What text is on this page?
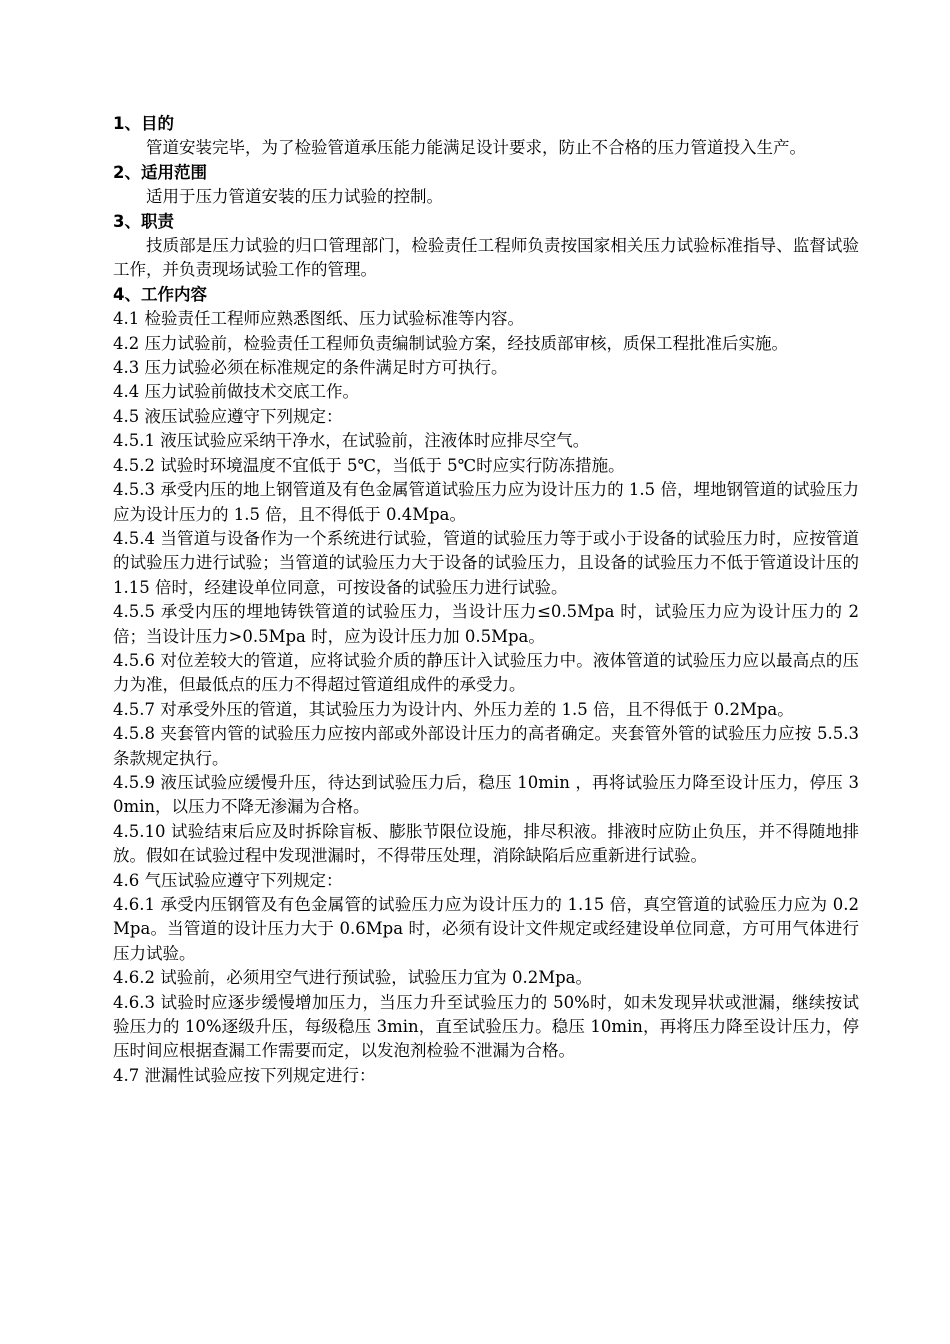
1、目的

管道安装完毕，为了检验管道承压能力能满足设计要求，防止不合格的压力管道投入生产。

2、适用范围

适用于压力管道安装的压力试验的控制。

3、职责

技质部是压力试验的归口管理部门，检验责任工程师负责按国家相关压力试验标准指导、监督试验工作，并负责现场试验工作的管理。

4、工作内容

4.1 检验责任工程师应熟悉图纸、压力试验标准等内容。

4.2 压力试验前，检验责任工程师负责编制试验方案，经技质部审核，质保工程批准后实施。

4.3 压力试验必须在标准规定的条件满足时方可执行。

4.4 压力试验前做技术交底工作。

4.5 液压试验应遵守下列规定：

4.5.1 液压试验应采纳干净水，在试验前，注液体时应排尽空气。

4.5.2 试验时环境温度不宜低于 5℃，当低于 5℃时应实行防冻措施。

4.5.3 承受内压的地上钢管道及有色金属管道试验压力应为设计压力的 1.5 倍，埋地钢管道的试验压力应为设计压力的 1.5 倍，且不得低于 0.4Mpa。

4.5.4 当管道与设备作为一个系统进行试验，管道的试验压力等于或小于设备的试验压力时，应按管道的试验压力进行试验；当管道的试验压力大于设备的试验压力，且设备的试验压力不低于管道设计压的 1.15 倍时，经建设单位同意，可按设备的试验压力进行试验。

4.5.5 承受内压的埋地铸铁管道的试验压力，当设计压力≤0.5Mpa 时，试验压力应为设计压力的 2 倍；当设计压力>0.5Mpa 时，应为设计压力加 0.5Mpa。

4.5.6 对位差较大的管道，应将试验介质的静压计入试验压力中。液体管道的试验压力应以最高点的压力为准，但最低点的压力不得超过管道组成件的承受力。

4.5.7 对承受外压的管道，其试验压力为设计内、外压力差的 1.5 倍，且不得低于 0.2Mpa。

4.5.8 夹套管内管的试验压力应按内部或外部设计压力的高者确定。夹套管外管的试验压力应按 5.5.3 条款规定执行。

4.5.9 液压试验应缓慢升压，待达到试验压力后，稳压 10min ，再将试验压力降至设计压力，停压 30min，以压力不降无渗漏为合格。

4.5.10 试验结束后应及时拆除盲板、膨胀节限位设施，排尽积液。排液时应防止负压，并不得随地排放。假如在试验过程中发现泄漏时，不得带压处理，消除缺陷后应重新进行试验。

4.6 气压试验应遵守下列规定：

4.6.1 承受内压钢管及有色金属管的试验压力应为设计压力的 1.15 倍，真空管道的试验压力应为 0.2Mpa。当管道的设计压力大于 0.6Mpa 时，必须有设计文件规定或经建设单位同意，方可用气体进行压力试验。

4.6.2 试验前，必须用空气进行预试验，试验压力宜为 0.2Mpa。

4.6.3 试验时应逐步缓慢增加压力，当压力升至试验压力的 50%时，如未发现异状或泄漏，继续按试验压力的 10%逐级升压，每级稳压 3min，直至试验压力。稳压 10min，再将压力降至设计压力，停压时间应根据查漏工作需要而定，以发泡剂检验不泄漏为合格。

4.7 泄漏性试验应按下列规定进行：
